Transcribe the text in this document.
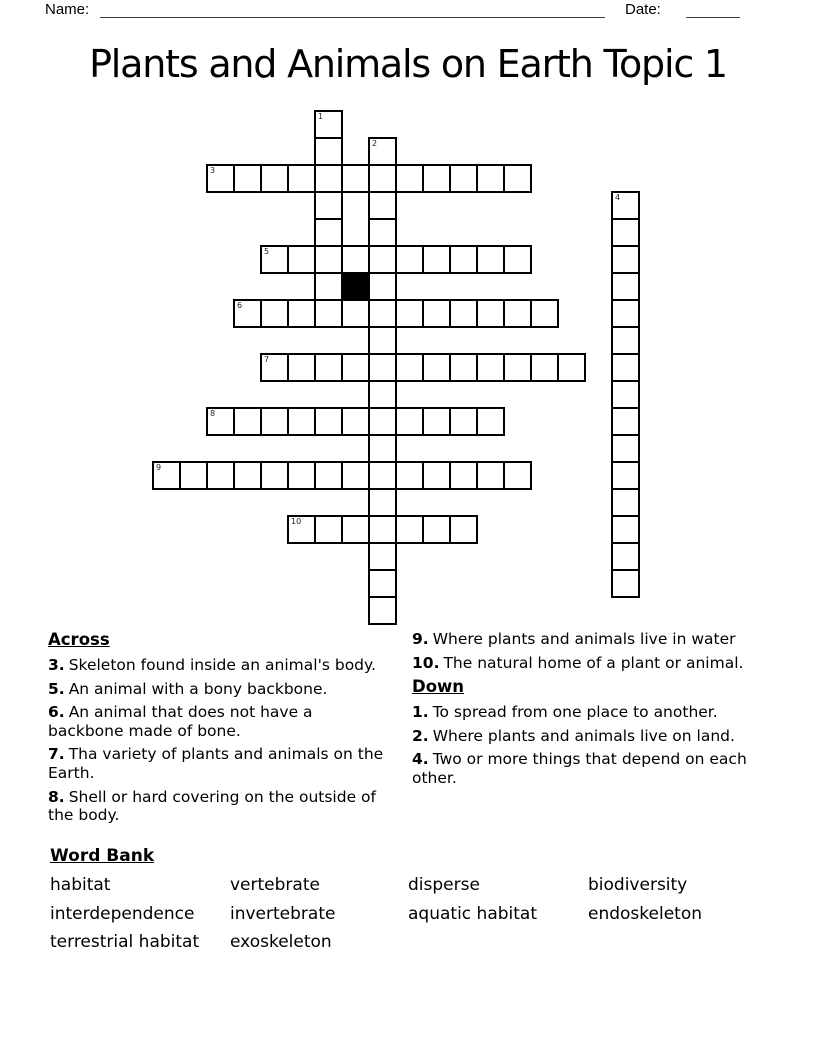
Name:	Date:
Plants and Animals on Earth Topic 1
1
2
3
4
5
6
7
8
9
10

Across

3. Skeleton found inside an animal's body.

5. An animal with a bony backbone.

6. An animal that does not have a backbone made of bone.

7. Tha variety of plants and animals on the Earth.

8. Shell or hard covering on the outside of the body.

9. Where plants and animals live in water

10. The natural home of a plant or animal.

Down

1. To spread from one place to another.

2. Where plants and animals live on land.

4. Two or more things that depend on each other.

Word Bank

habitat	vertebrate	disperse	biodiversity
interdependence	invertebrate	aquatic habitat	endoskeleton
terrestrial habitat	exoskeleton
